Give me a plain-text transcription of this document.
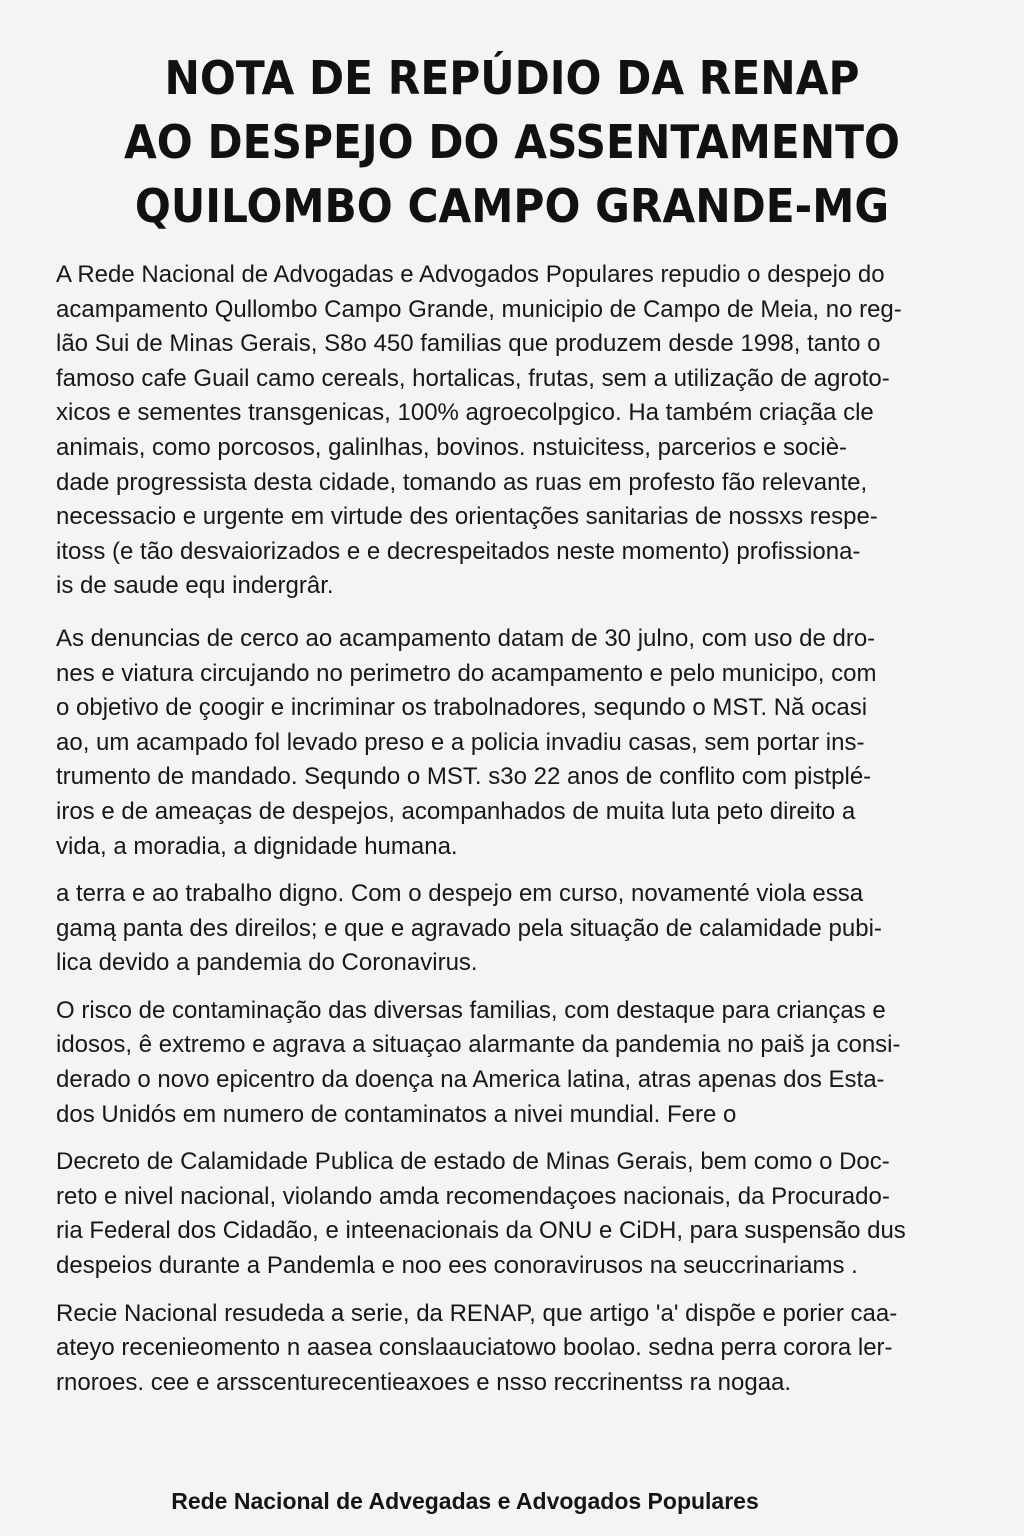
NOTA DE REPÚDIO DA RENAP
AO DESPEJO DO ASSENTAMENTO
QUILOMBO CAMPO GRANDE-MG

A Rede Nacional de Advogadas e Advogados Populares repudio o despejo do
acampamento Qullombo Campo Grande, municipio de Campo de Meia, no reg-
lão Sui de Minas Gerais, S8o 450 familias que produzem desde 1998, tanto o
famoso cafe Guail camo cereals, hortalicas, frutas, sem a utilização de agroto-
xicos e sementes transgenicas, 100% agroecolpgico. Ha também criaçãa cle
animais, como porcosos, galinlhas, bovinos. nstuicitess, parcerios e sociè-
dade progressista desta cidade, tomando as ruas em profesto fão relevante,
necessacio e urgente em virtude des orientações sanitarias de nossxs respe-
itoss (e tão desvaiorizados e e decrespeitados neste momento) profissiona-
is de saude equ indergrâr.

As denuncias de cerco ao acampamento datam de 30 julno, com uso de dro-
nes e viatura circujando no perimetro do acampamento e pelo municipo, com
o objetivo de çoogir e incriminar os trabolnadores, sequndo o MST. Nă ocasi
ao, um acampado fol levado preso e a policia invadiu casas, sem portar ins-
trumento de mandado. Sequndo o MST. s3o 22 anos de conflito com pistplé-
iros e de ameaças de despejos, acompanhados de muita luta peto direito a
vida, a moradia, a dignidade humana.

a terra e ao trabalho digno. Com o despejo em curso, novamenté viola essa
gamą panta des direilos; e que e agravado pela situação de calamidade pubi-
lica devido a pandemia do Coronavirus.

O risco de contaminação das diversas familias, com destaque para crianças e
idosos, ê extremo e agrava a situaçao alarmante da pandemia no paiš ja consi-
derado o novo epicentro da doença na America latina, atras apenas dos Esta-
dos Unidós em numero de contaminatos a nivei mundial. Fere o

Decreto de Calamidade Publica de estado de Minas Gerais, bem como o Doc-
reto e nivel nacional, violando amda recomendaçoes nacionais, da Procurado-
ria Federal dos Cidadão, e inteenacionais da ONU e CiDH, para suspensão dus
despeios durante a Pandemla e noo ees conoravirusos na seuccrinariams .

Recie Nacional resudeda a serie, da RENAP, que artigo 'a' dispõe e porier caa-
ateyo recenieomento n aasea conslaauciatowo boolao. sedna perra corora ler-
rnoroes. cee e arsscenturecentieaxoes e nsso reccrinentss ra nogaa.

Rede Nacional de Advegadas e Advogados Populares
